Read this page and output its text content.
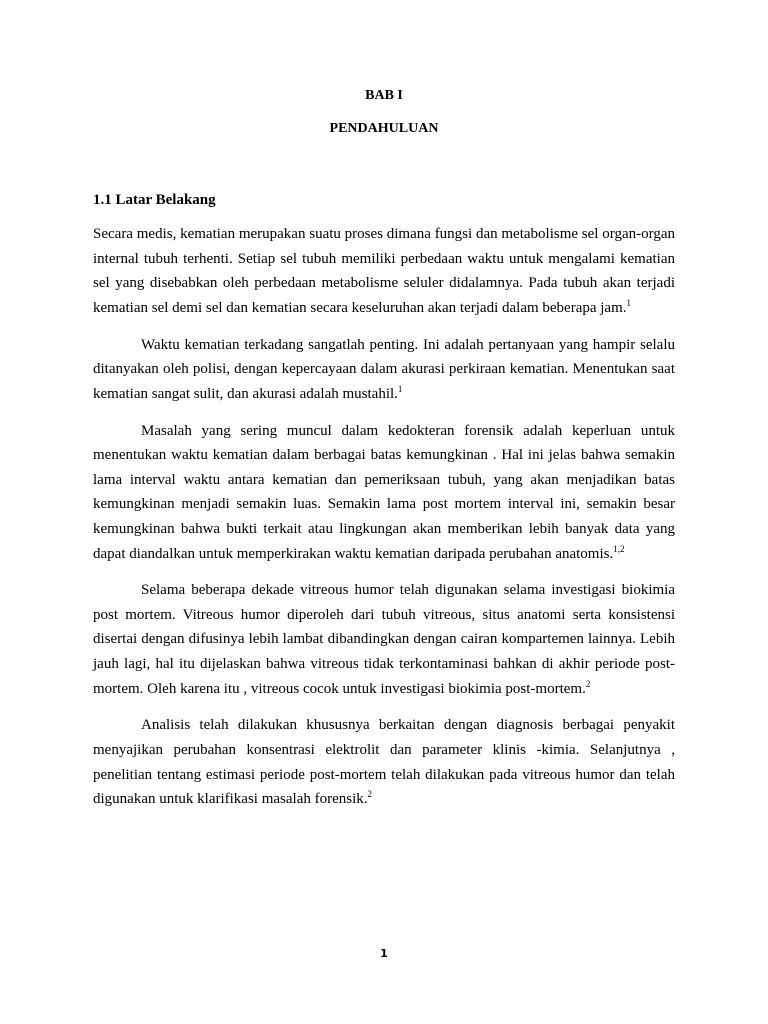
BAB I
PENDAHULUAN
1.1 Latar Belakang

Secara medis, kematian merupakan suatu proses dimana fungsi dan metabolisme sel organ-organ internal tubuh terhenti. Setiap sel tubuh memiliki perbedaan waktu untuk mengalami kematian sel yang disebabkan oleh perbedaan metabolisme seluler didalamnya. Pada tubuh akan terjadi kematian sel demi sel dan kematian secara keseluruhan akan terjadi dalam beberapa jam.$^1$

Waktu kematian terkadang sangatlah penting. Ini adalah pertanyaan yang hampir selalu ditanyakan oleh polisi, dengan kepercayaan dalam akurasi perkiraan kematian. Menentukan saat kematian sangat sulit, dan akurasi adalah mustahil.$^1$

Masalah yang sering muncul dalam kedokteran forensik adalah keperluan untuk menentukan waktu kematian dalam berbagai batas kemungkinan . Hal ini jelas bahwa semakin lama interval waktu antara kematian dan pemeriksaan tubuh, yang akan menjadikan batas kemungkinan menjadi semakin luas. Semakin lama post mortem interval ini, semakin besar kemungkinan bahwa bukti terkait atau lingkungan akan memberikan lebih banyak data yang dapat diandalkan untuk memperkirakan waktu kematian daripada perubahan anatomis.$^{1,2}$

Selama beberapa dekade vitreous humor telah digunakan selama investigasi biokimia post mortem. Vitreous humor diperoleh dari tubuh vitreous, situs anatomi serta konsistensi disertai dengan difusinya lebih lambat dibandingkan dengan cairan kompartemen lainnya. Lebih jauh lagi, hal itu dijelaskan bahwa vitreous tidak terkontaminasi bahkan di akhir periode post-mortem. Oleh karena itu , vitreous cocok untuk investigasi biokimia post-mortem.$^2$

Analisis telah dilakukan khususnya berkaitan dengan diagnosis berbagai penyakit menyajikan perubahan konsentrasi elektrolit dan parameter klinis -kimia. Selanjutnya , penelitian tentang estimasi periode post-mortem telah dilakukan pada vitreous humor dan telah digunakan untuk klarifikasi masalah forensik.$^2$

1
